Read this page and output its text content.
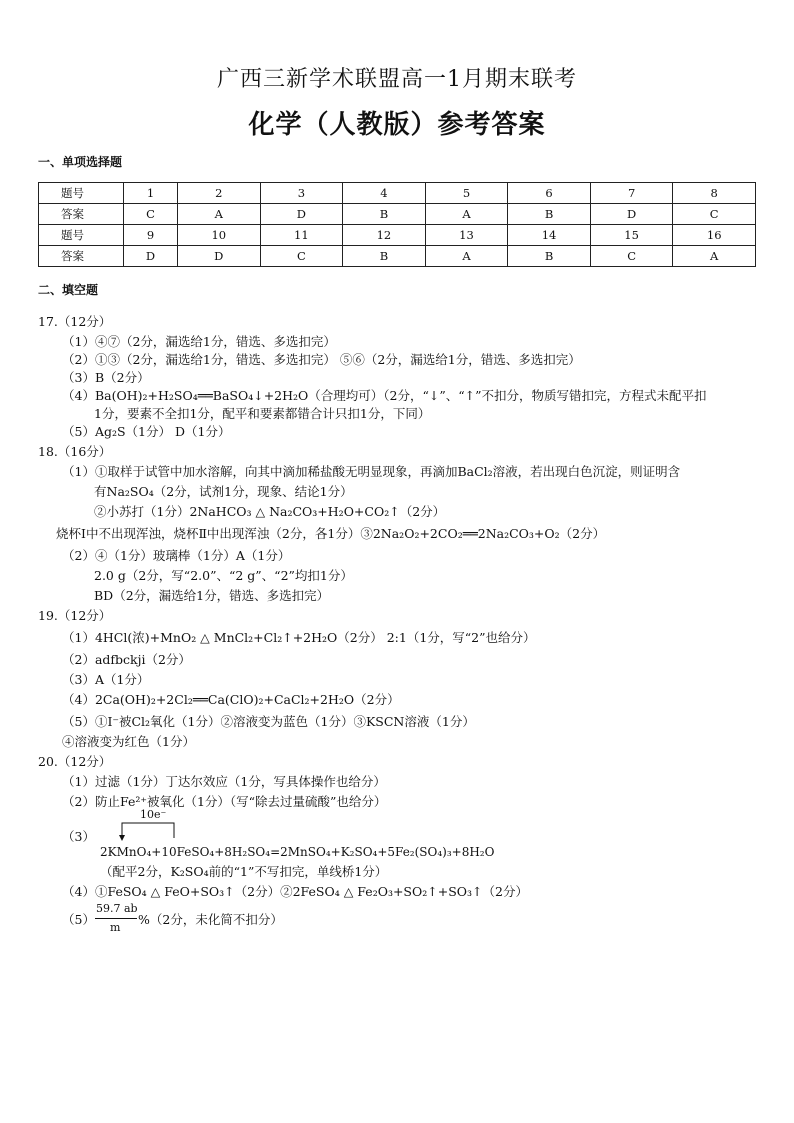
广西三新学术联盟高一1月期末联考
化学（人教版）参考答案
一、单项选择题
题号	1	2	3	4	5	6	7	8
答案	C	A	D	B	A	B	D	C
题号	9	10	11	12	13	14	15	16
答案	D	D	C	B	A	B	C	A
二、填空题
17.（12分）
（1）④⑦（2分，漏选给1分，错选、多选扣完）
（2）①③（2分，漏选给1分，错选、多选扣完） ⑤⑥（2分，漏选给1分，错选、多选扣完）
（3）B（2分）
（4）Ba(OH)₂+H₂SO₄══BaSO₄↓+2H₂O（合理均可）（2分，“↓”、“↑”不扣分，物质写错扣完，方程式未配平扣
1分，要素不全扣1分，配平和要素都错合计只扣1分，下同）
（5）Ag₂S（1分） D（1分）
18.（16分）
（1）①取样于试管中加水溶解，向其中滴加稀盐酸无明显现象，再滴加BaCl₂溶液，若出现白色沉淀，则证明含
有Na₂SO₄（2分，试剂1分，现象、结论1分）
②小苏打（1分）2NaHCO₃ △ Na₂CO₃+H₂O+CO₂↑（2分）
烧杯Ⅰ中不出现浑浊，烧杯Ⅱ中出现浑浊（2分，各1分）③2Na₂O₂+2CO₂══2Na₂CO₃+O₂（2分）
（2）④（1分）玻璃棒（1分）A（1分）
2.0 g（2分，写“2.0”、“2 g”、“2”均扣1分）
BD（2分，漏选给1分，错选、多选扣完）
19.（12分）
（1）4HCl(浓)+MnO₂ △ MnCl₂+Cl₂↑+2H₂O（2分） 2:1（1分，写“2”也给分）
（2）adfbckji（2分）
（3）A（1分）
（4）2Ca(OH)₂+2Cl₂══Ca(ClO)₂+CaCl₂+2H₂O（2分）
（5）①I⁻被Cl₂氧化（1分）②溶液变为蓝色（1分）③KSCN溶液（1分）
④溶液变为红色（1分）
20.（12分）
（1）过滤（1分）丁达尔效应（1分，写具体操作也给分）
（2）防止Fe²⁺被氧化（1分）（写“除去过量硫酸”也给分）
（3）
10e⁻
2KMnO₄+10FeSO₄+8H₂SO₄=2MnSO₄+K₂SO₄+5Fe₂(SO₄)₃+8H₂O
（配平2分，K₂SO₄前的“1”不写扣完，单线桥1分）
（4）①FeSO₄ △ FeO+SO₃↑（2分）②2FeSO₄ △ Fe₂O₃+SO₂↑+SO₃↑（2分）
（5）
59.7 ab
m
%（2分，未化简不扣分）
